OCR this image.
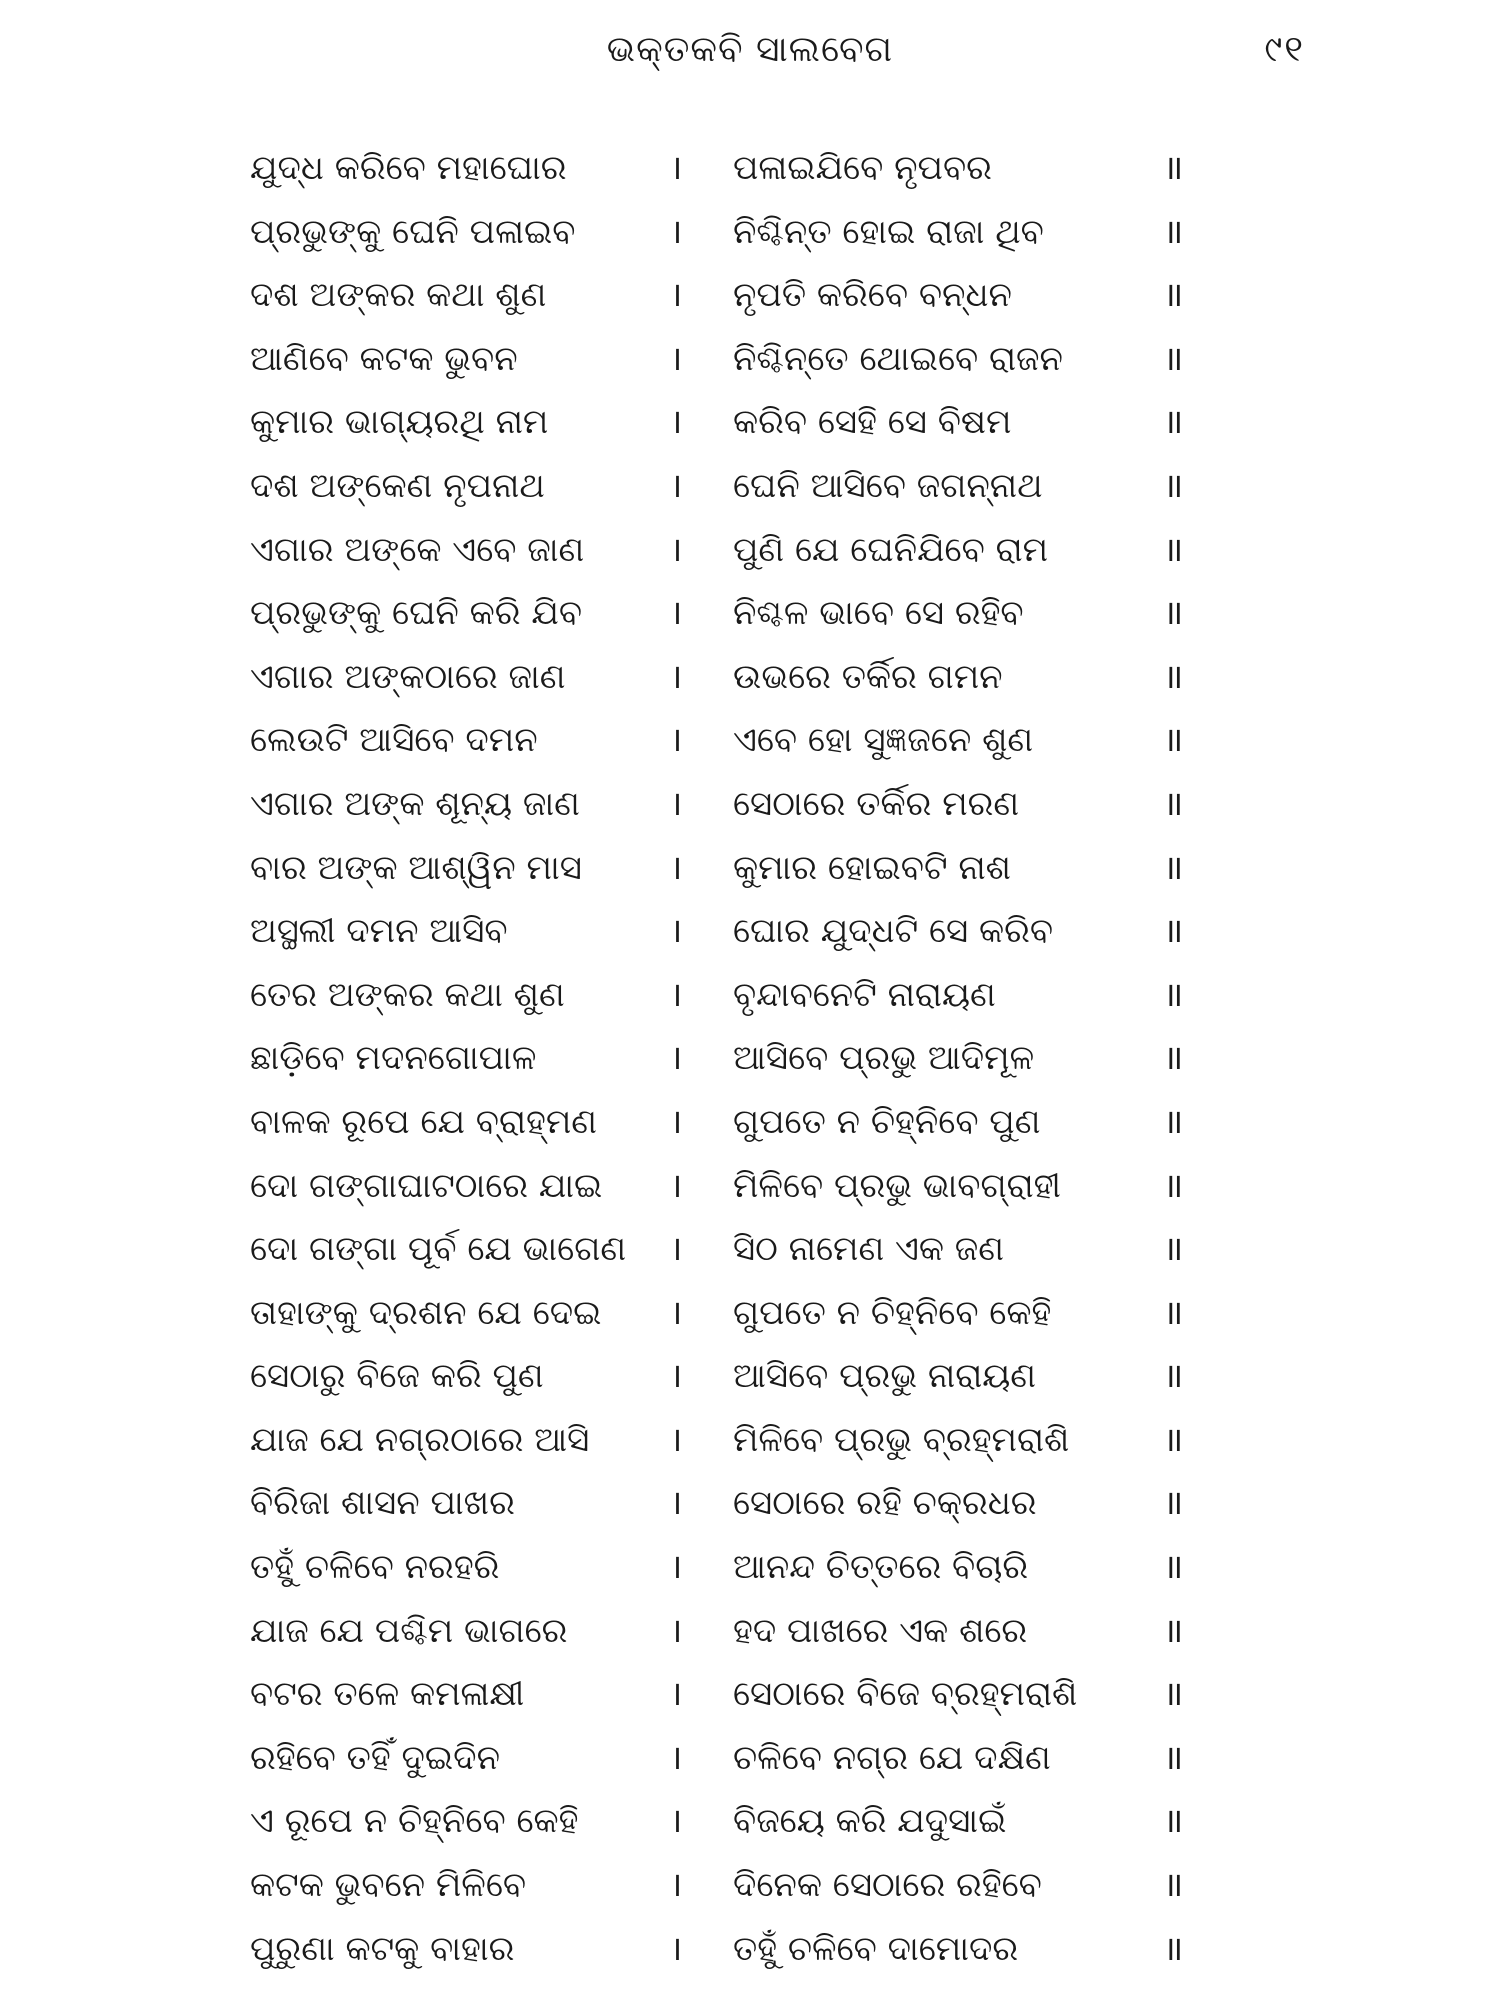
ଭକ୍ତକବି ସାଲବେଗ	୯୧
ଯୁଦ୍ଧ କରିବେ ମହାଘୋର	। ପଳାଇଯିବେ ନୃପବର	॥
ପ୍ରଭୁଙ୍କୁ ଘେନି ପଳାଇବ	। ନିଶ୍ଚିନ୍ତ ହୋଇ ରାଜା ଥିବ	॥
ଦଶ ଅଙ୍କର କଥା ଶୁଣ	। ନୃପତି କରିବେ ବନ୍ଧନ	॥
ଆଣିବେ କଟକ ଭୁବନ	। ନିଶ୍ଚିନ୍ତେ ଥୋଇବେ ରାଜନ	॥
କୁମାର ଭାଗ୍ୟରଥି ନାମ	। କରିବ ସେହି ସେ ବିଷମ	॥
ଦଶ ଅଙ୍କେଣ ନୃପନାଥ	। ଘେନି ଆସିବେ ଜଗନ୍ନାଥ	॥
ଏଗାର ଅଙ୍କେ ଏବେ ଜାଣ	। ପୁଣି ଯେ ଘେନିଯିବେ ରାମ	॥
ପ୍ରଭୁଙ୍କୁ ଘେନି କରି ଯିବ	। ନିଶ୍ଚଳ ଭାବେ ସେ ରହିବ	॥
ଏଗାର ଅଙ୍କଠାରେ ଜାଣ	। ଉଭରେ ତର୍କିର ଗମନ	॥
ଲେଉଟି ଆସିବେ ଦମନ	। ଏବେ ହୋ ସୁଜ୍ଞଜନେ ଶୁଣ	॥
ଏଗାର ଅଙ୍କ ଶୂନ୍ୟ ଜାଣ	। ସେଠାରେ ତର୍କିର ମରଣ	॥
ବାର ଅଙ୍କ ଆଶ୍ୱିନ ମାସ	। କୁମାର ହୋଇବଟି ନାଶ	॥
ଅସ୍ଥଲୀ ଦମନ ଆସିବ	। ଘୋର ଯୁଦ୍ଧଟି ସେ କରିବ	॥
ତେର ଅଙ୍କର କଥା ଶୁଣ	। ବୃନ୍ଦାବନେଟି ନାରାୟଣ	॥
ଛାଡ଼ିବେ ମଦନଗୋପାଳ	। ଆସିବେ ପ୍ରଭୁ ଆଦିମୂଳ	॥
ବାଳକ ରୂପେ ଯେ ବ୍ରାହ୍ମଣ । ଗୁପତେ ନ ଚିହ୍ନିବେ ପୁଣ	॥
ଦୋ ଗଙ୍ଗାଘାଟଠାରେ ଯାଇ । ମିଳିବେ ପ୍ରଭୁ ଭାବଗ୍ରାହୀ	॥
ଦୋ ଗଙ୍ଗା ପୂର୍ବ ଯେ ଭାଗେଣ । ସିଠ ନାମେଣ ଏକ ଜଣ	॥
ତାହାଙ୍କୁ ଦ୍ରଶନ ଯେ ଦେଇ । ଗୁପତେ ନ ଚିହ୍ନିବେ କେହି	॥
ସେଠାରୁ ବିଜେ କରି ପୁଣ	। ଆସିବେ ପ୍ରଭୁ ନାରାୟଣ	॥
ଯାଜ ଯେ ନଗ୍ରଠାରେ ଆସି । ମିଳିବେ ପ୍ରଭୁ ବ୍ରହ୍ମରାଶି	॥
ବିରିଜା ଶାସନ ପାଖର	। ସେଠାରେ ରହି ଚକ୍ରଧର	॥
ତହୁଁ ଚଳିବେ ନରହରି	। ଆନନ୍ଦ ଚିତ୍ତରେ ବିଚାରି	॥
ଯାଜ ଯେ ପଶ୍ଚିମ ଭାଗରେ	। ହଦ ପାଖରେ ଏକ ଶରେ	॥
ବଟର ତଳେ କମଳାକ୍ଷୀ	। ସେଠାରେ ବିଜେ ବ୍ରହ୍ମରାଶି	॥
ରହିବେ ତହିଁ ଦୁଇଦିନ	। ଚଳିବେ ନଗ୍ର ଯେ ଦକ୍ଷିଣ	॥
ଏ ରୂପେ ନ ଚିହ୍ନିବେ କେହି	। ବିଜୟେ କରି ଯଦୁସାଇଁ	॥
କଟକ ଭୁବନେ ମିଳିବେ	। ଦିନେକ ସେଠାରେ ରହିବେ	॥
ପୁରୁଣା କଟକୁ ବାହାର	। ତହୁଁ ଚଳିବେ ଦାମୋଦର	॥
